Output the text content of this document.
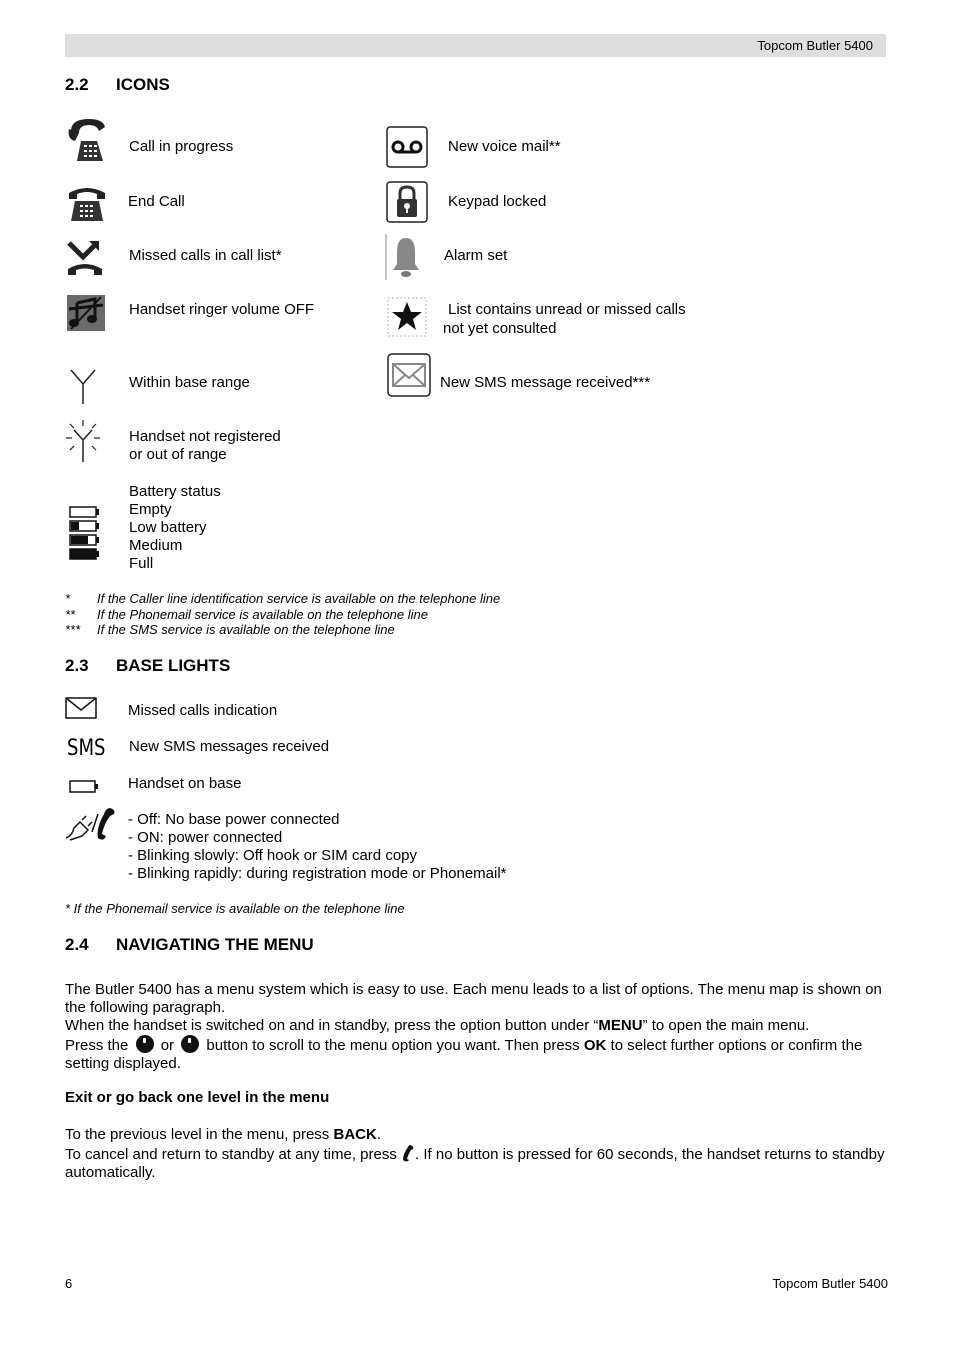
Topcom Butler 5400
2.2 ICONS
Call in progress
End Call
Missed calls in call list*
Handset ringer volume OFF
Within base range
Handset not registered
or out of range
Battery status
Empty
Low battery
Medium
Full
New voice mail**
Keypad locked
Alarm set
List contains unread or missed calls
not yet consulted
New SMS message received***
* If the Caller line identification service is available on the telephone line
** If the Phonemail service is available on the telephone line
*** If the SMS service is available on the telephone line
2.3 BASE LIGHTS
Missed calls indication
SMS New SMS messages received
Handset on base
- Off: No base power connected
- ON: power connected
- Blinking slowly: Off hook or SIM card copy
- Blinking rapidly: during registration mode or Phonemail*
* If the Phonemail service is available on the telephone line
2.4 NAVIGATING THE MENU
The Butler 5400 has a menu system which is easy to use. Each menu leads to a list of options. The menu map is shown on the following paragraph.
When the handset is switched on and in standby, press the option button under “MENU” to open the main menu.
Press the or button to scroll to the menu option you want. Then press OK to select further options or confirm the setting displayed.
Exit or go back one level in the menu
To the previous level in the menu, press BACK.
To cancel and return to standby at any time, press . If no button is pressed for 60 seconds, the handset returns to standby automatically.
6	Topcom Butler 5400
